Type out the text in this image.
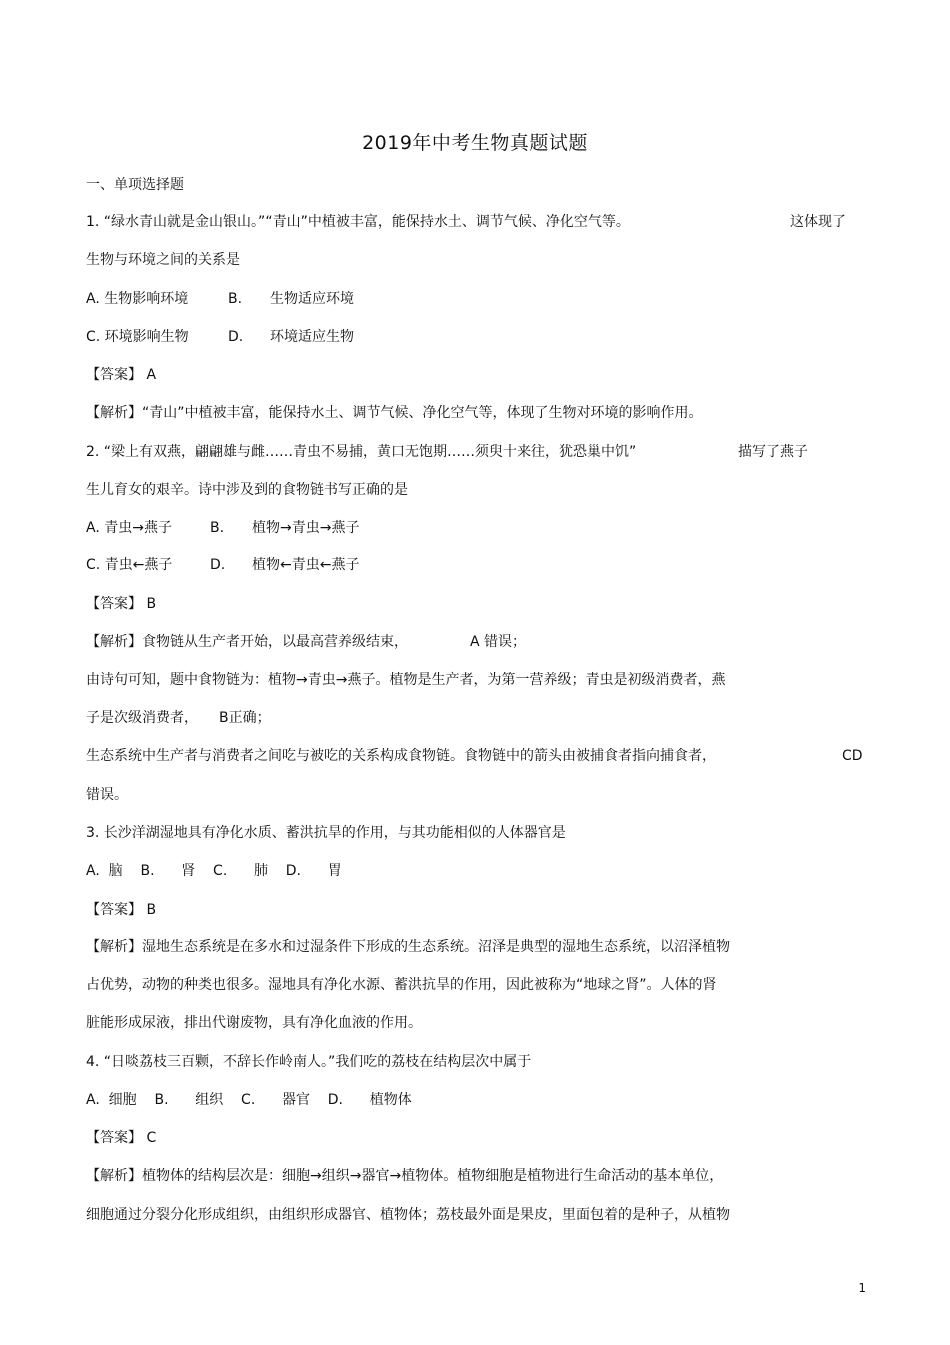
2019年中考生物真题试题
一、单项选择题
1. “绿水青山就是金山银山。”“青山”中植被丰富，能保持水土、调节气候、净化空气等。	这体现了
生物与环境之间的关系是
A. 生物影响环境	B. 生物适应环境
C. 环境影响生物	D. 环境适应生物
【答案】 A
【解析】“青山”中植被丰富，能保持水土、调节气候、净化空气等，体现了生物对环境的影响作用。
2. “梁上有双燕，翩翩雄与雌……青虫不易捕，黄口无饱期……须臾十来往，犹恐巢中饥”	描写了燕子
生儿育女的艰辛。诗中涉及到的食物链书写正确的是
A. 青虫→燕子	B. 植物→青虫→燕子
C. 青虫←燕子	D. 植物←青虫←燕子
【答案】 B
【解析】食物链从生产者开始，以最高营养级结束，	A 错误；
由诗句可知，题中食物链为：植物→青虫→燕子。植物是生产者，为第一营养级；青虫是初级消费者，燕
子是次级消费者， B正确；
生态系统中生产者与消费者之间吃与被吃的关系构成食物链。食物链中的箭头由被捕食者指向捕食者，	CD
错误。
3. 长沙洋湖湿地具有净化水质、蓄洪抗旱的作用，与其功能相似的人体器官是
A.  脑    B.      肾    C.      肺    D.      胃
【答案】 B
【解析】湿地生态系统是在多水和过湿条件下形成的生态系统。沼泽是典型的湿地生态系统，以沼泽植物
占优势，动物的种类也很多。湿地具有净化水源、蓄洪抗旱的作用，因此被称为“地球之肾”。人体的肾
脏能形成尿液，排出代谢废物，具有净化血液的作用。
4. “日啖荔枝三百颗，不辞长作岭南人。”我们吃的荔枝在结构层次中属于
A.  细胞    B.      组织    C.      器官    D.      植物体
【答案】 C
【解析】植物体的结构层次是：细胞→组织→器官→植物体。植物细胞是植物进行生命活动的基本单位，
细胞通过分裂分化形成组织，由组织形成器官、植物体；荔枝最外面是果皮，里面包着的是种子，从植物
1
